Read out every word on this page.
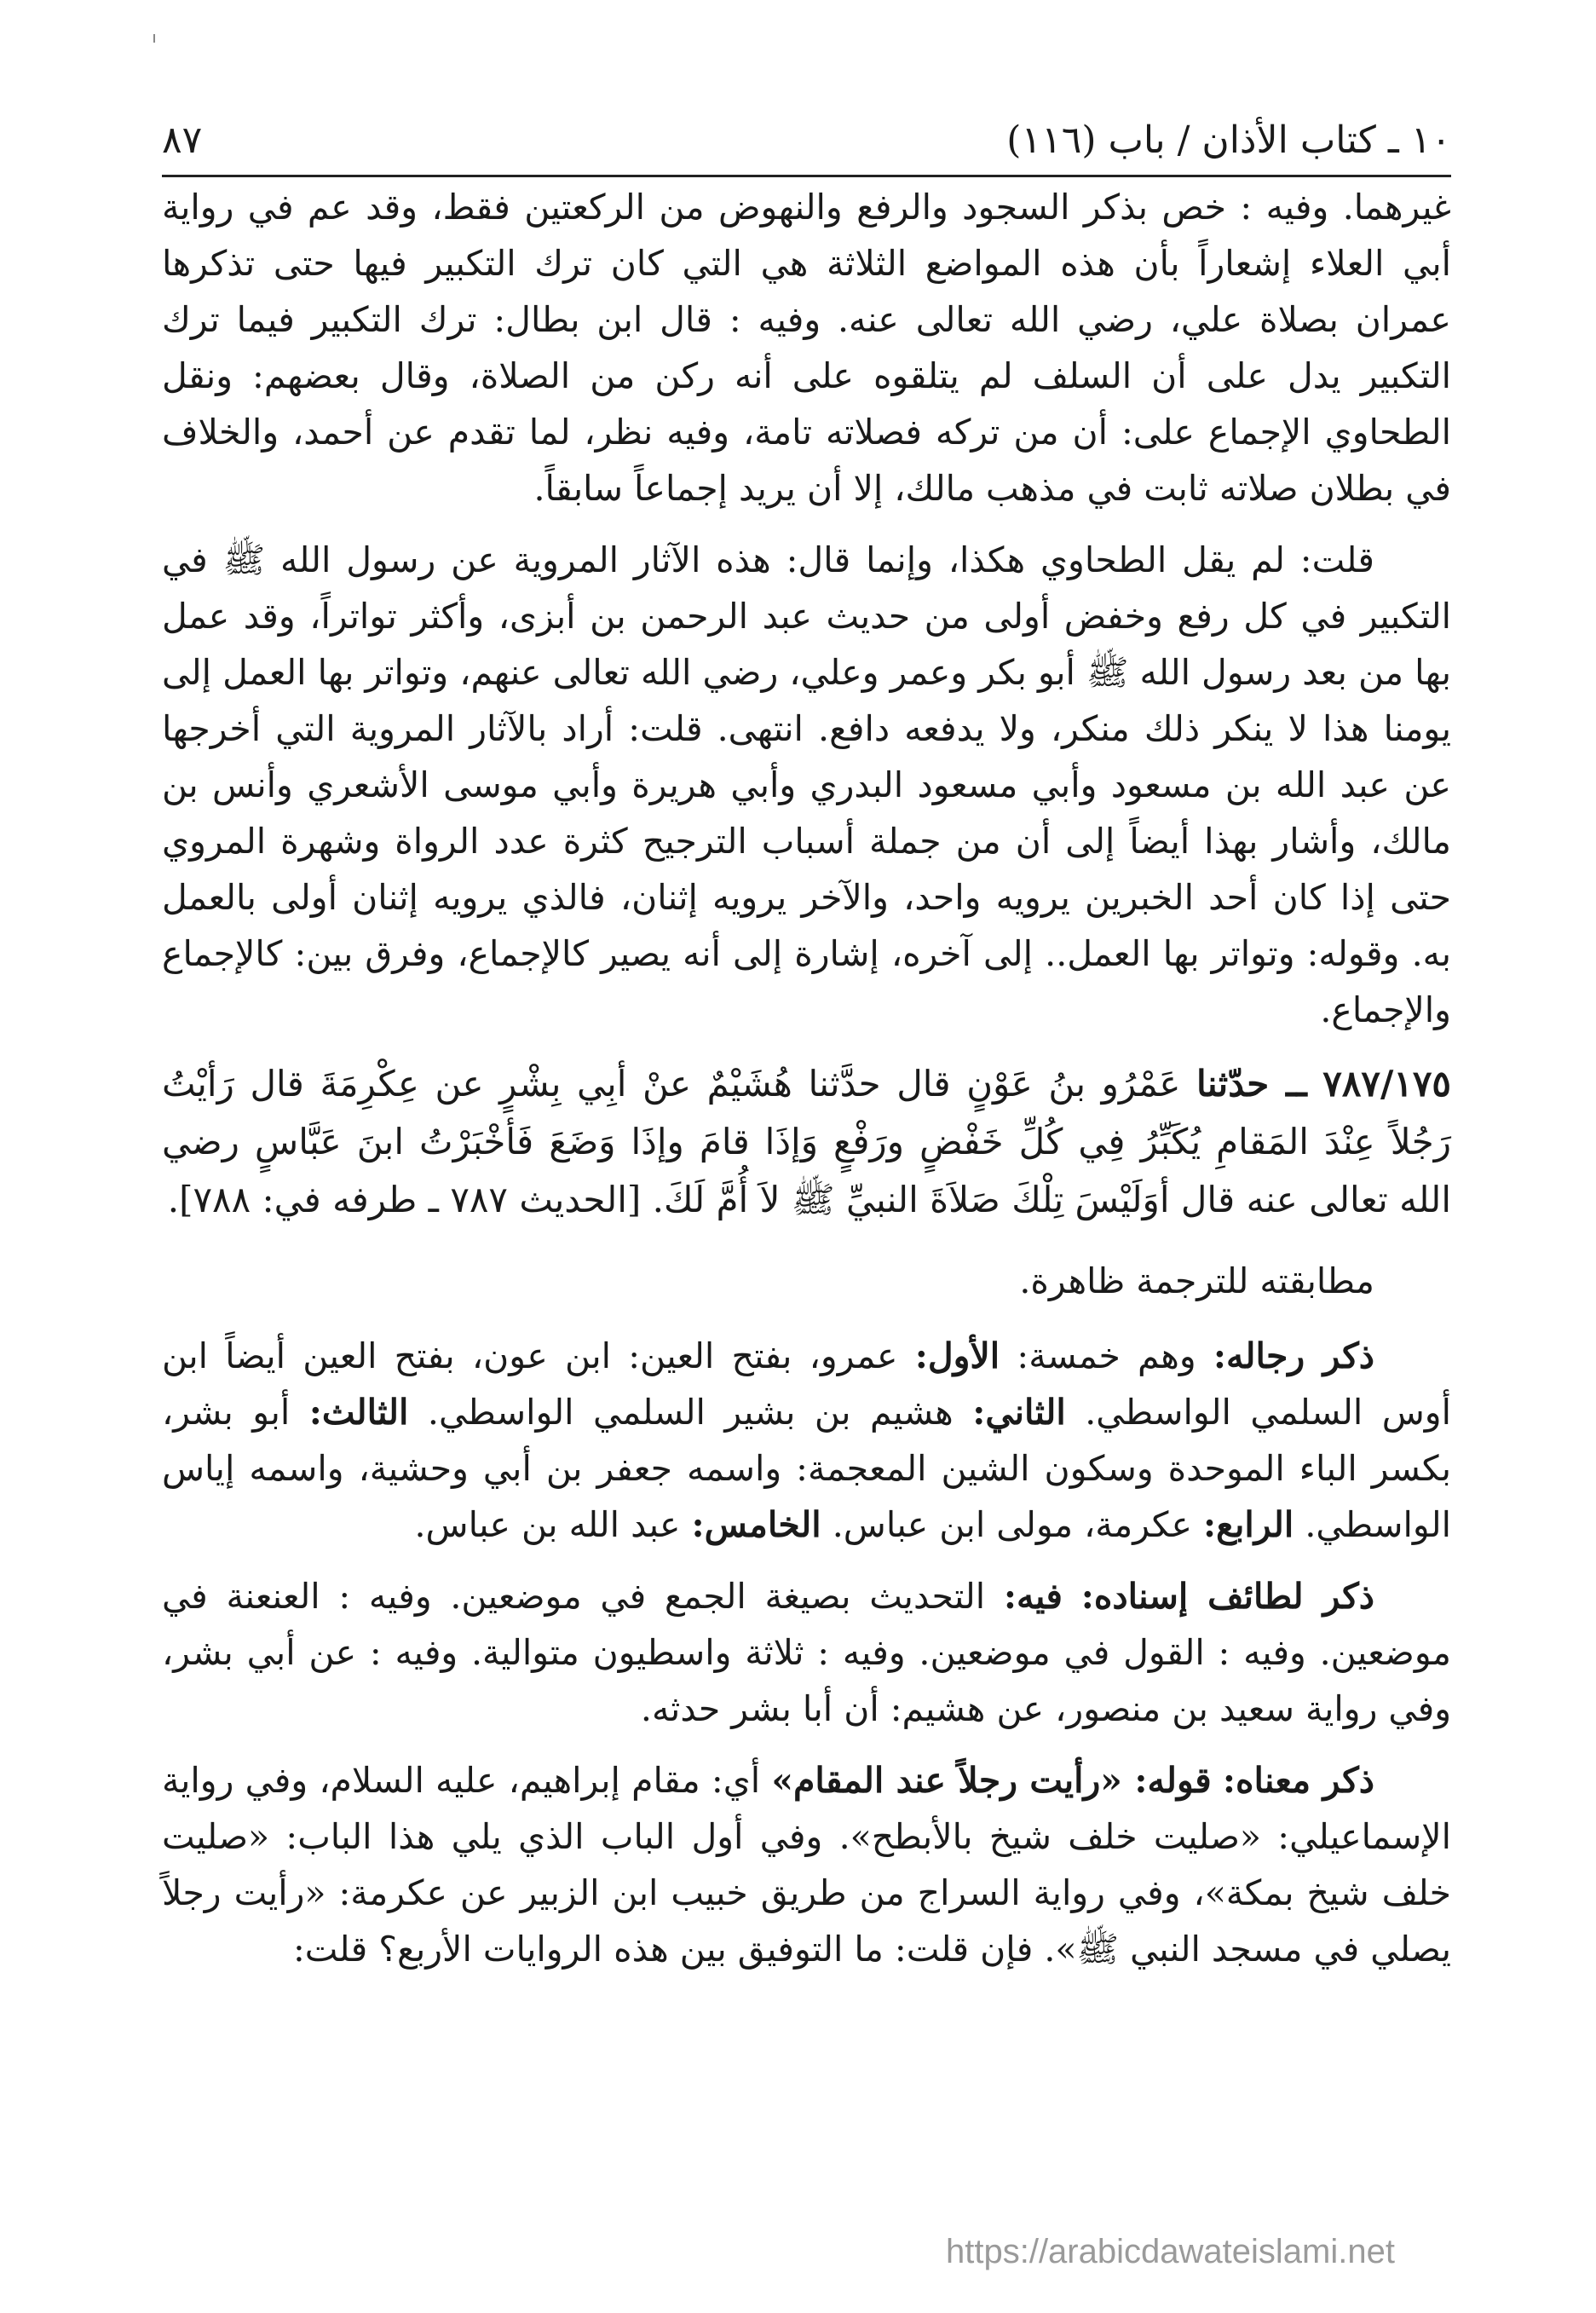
١٠ ـ كتاب الأذان / باب (١١٦)
٨٧

غيرهما. وفيه : خص بذكر السجود والرفع والنهوض من الركعتين فقط، وقد عم في رواية أبي العلاء إشعاراً بأن هذه المواضع الثلاثة هي التي كان ترك التكبير فيها حتى تذكرها عمران بصلاة علي، رضي الله تعالى عنه. وفيه : قال ابن بطال: ترك التكبير فيما ترك التكبير يدل على أن السلف لم يتلقوه على أنه ركن من الصلاة، وقال بعضهم: ونقل الطحاوي الإجماع على: أن من تركه فصلاته تامة، وفيه نظر، لما تقدم عن أحمد، والخلاف في بطلان صلاته ثابت في مذهب مالك، إلا أن يريد إجماعاً سابقاً.

قلت: لم يقل الطحاوي هكذا، وإنما قال: هذه الآثار المروية عن رسول الله ﷺ في التكبير في كل رفع وخفض أولى من حديث عبد الرحمن بن أبزى، وأكثر تواتراً، وقد عمل بها من بعد رسول الله ﷺ أبو بكر وعمر وعلي، رضي الله تعالى عنهم، وتواتر بها العمل إلى يومنا هذا لا ينكر ذلك منكر، ولا يدفعه دافع. انتهى. قلت: أراد بالآثار المروية التي أخرجها عن عبد الله بن مسعود وأبي مسعود البدري وأبي هريرة وأبي موسى الأشعري وأنس بن مالك، وأشار بهذا أيضاً إلى أن من جملة أسباب الترجيح كثرة عدد الرواة وشهرة المروي حتى إذا كان أحد الخبرين يرويه واحد، والآخر يرويه إثنان، فالذي يرويه إثنان أولى بالعمل به. وقوله: وتواتر بها العمل.. إلى آخره، إشارة إلى أنه يصير كالإجماع، وفرق بين: كالإجماع والإجماع.

٧٨٧/١٧٥ ــ حدّثنا عَمْرُو بنُ عَوْنٍ قال حدَّثنا هُشَيْمٌ عنْ أبِي بِشْرٍ عن عِكْرِمَةَ قال رَأيْتُ رَجُلاً عِنْدَ المَقامِ يُكَبِّرُ فِي كُلِّ خَفْضٍ ورَفْعٍ وَإذَا قامَ وإذَا وَضَعَ فَأخْبَرْتُ ابنَ عَبَّاسٍ رضي الله تعالى عنه قال أوَلَيْسَ تِلْكَ صَلاَةَ النبيِّ ﷺ لاَ أُمَّ لَكَ. [الحديث ٧٨٧ ـ طرفه في: ٧٨٨].

مطابقته للترجمة ظاهرة.

ذكر رجاله: وهم خمسة: الأول: عمرو، بفتح العين: ابن عون، بفتح العين أيضاً ابن أوس السلمي الواسطي. الثاني: هشيم بن بشير السلمي الواسطي. الثالث: أبو بشر، بكسر الباء الموحدة وسكون الشين المعجمة: واسمه جعفر بن أبي وحشية، واسمه إياس الواسطي. الرابع: عكرمة، مولى ابن عباس. الخامس: عبد الله بن عباس.

ذكر لطائف إسناده: فيه: التحديث بصيغة الجمع في موضعين. وفيه : العنعنة في موضعين. وفيه : القول في موضعين. وفيه : ثلاثة واسطيون متوالية. وفيه : عن أبي بشر، وفي رواية سعيد بن منصور، عن هشيم: أن أبا بشر حدثه.

ذكر معناه: قوله: «رأيت رجلاً عند المقام» أي: مقام إبراهيم، عليه السلام، وفي رواية الإسماعيلي: «صليت خلف شيخ بالأبطح». وفي أول الباب الذي يلي هذا الباب: «صليت خلف شيخ بمكة»، وفي رواية السراج من طريق خبيب ابن الزبير عن عكرمة: «رأيت رجلاً يصلي في مسجد النبي ﷺ». فإن قلت: ما التوفيق بين هذه الروايات الأربع؟ قلت:

https://arabicdawateislami.net
